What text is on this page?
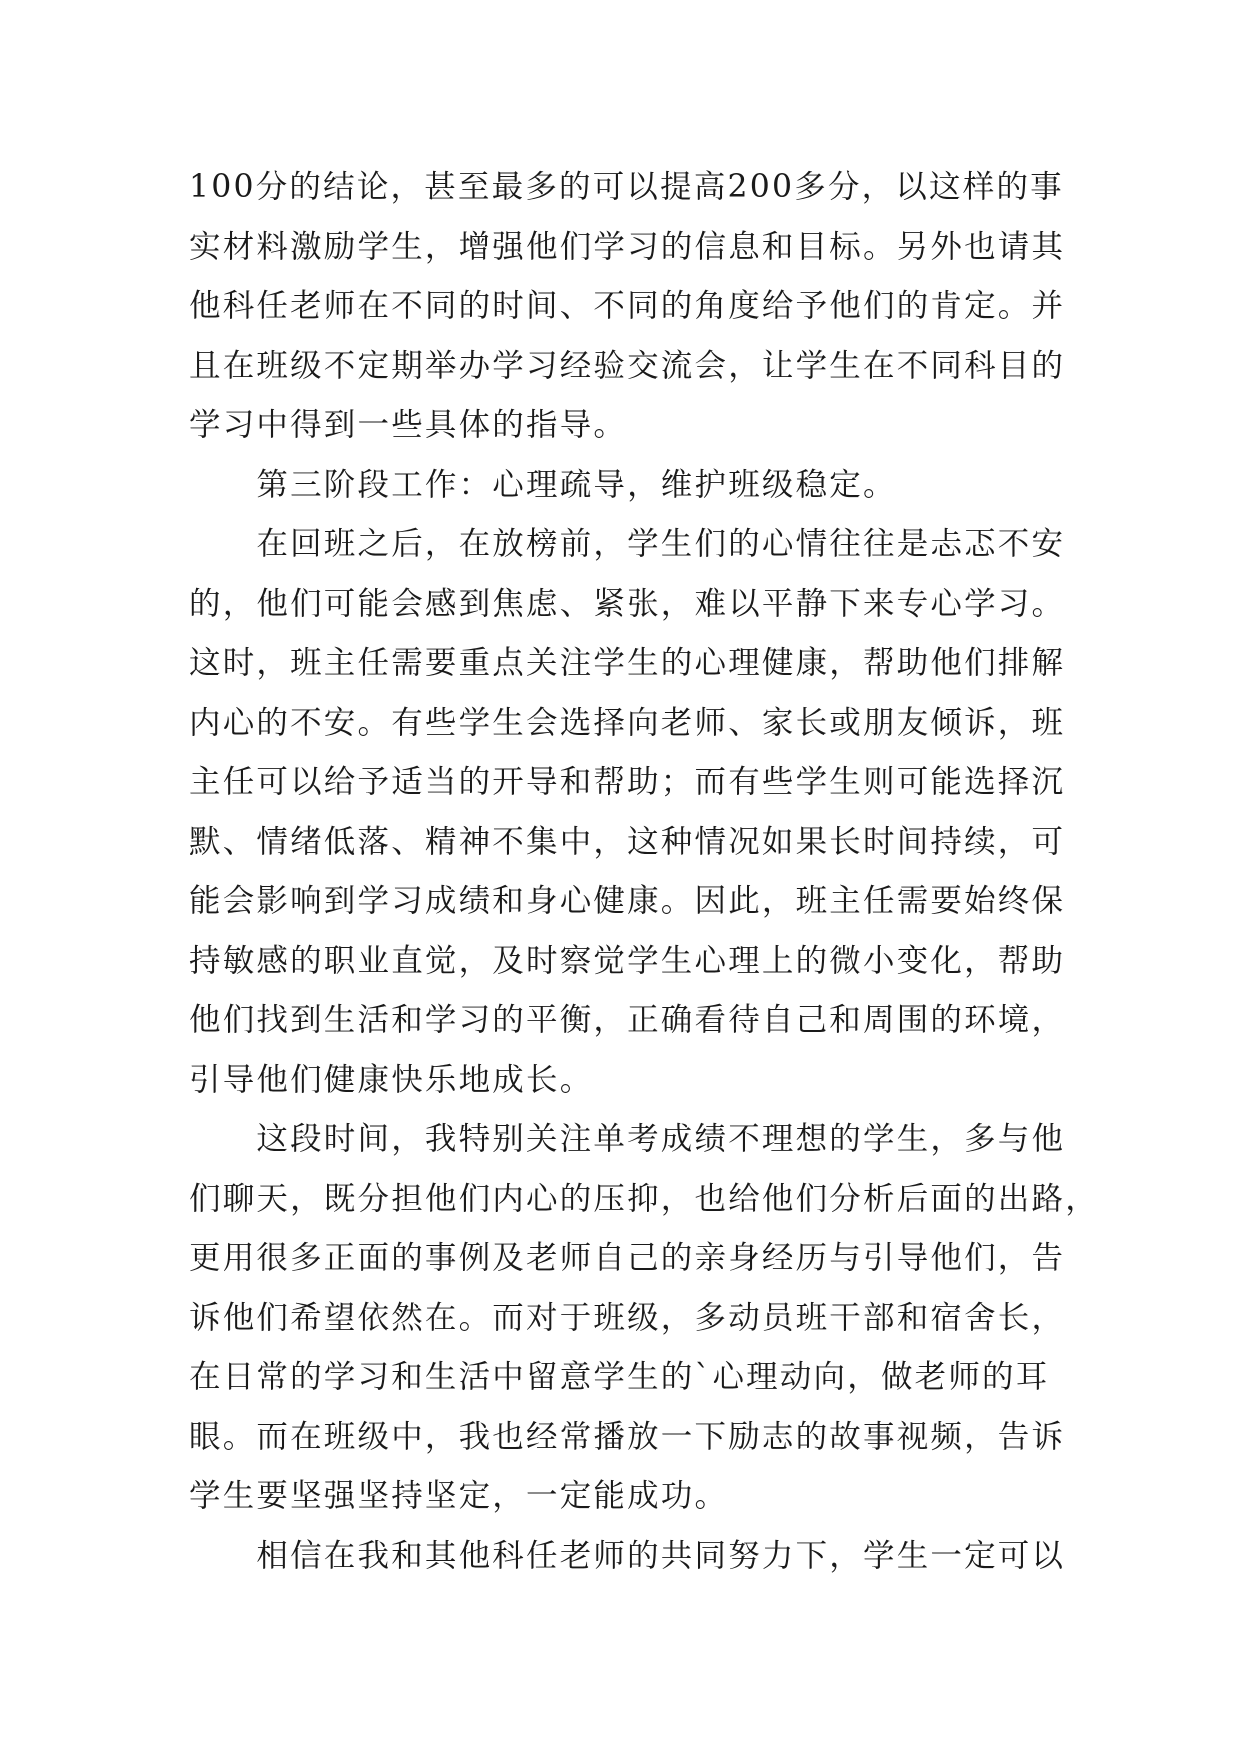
100分的结论，甚至最多的可以提高200多分，以这样的事
实材料激励学生，增强他们学习的信息和目标。另外也请其
他科任老师在不同的时间、不同的角度给予他们的肯定。并
且在班级不定期举办学习经验交流会，让学生在不同科目的
学习中得到一些具体的指导。
　　第三阶段工作：心理疏导，维护班级稳定。
　　在回班之后，在放榜前，学生们的心情往往是忐忑不安
的，他们可能会感到焦虑、紧张，难以平静下来专心学习。
这时，班主任需要重点关注学生的心理健康，帮助他们排解
内心的不安。有些学生会选择向老师、家长或朋友倾诉，班
主任可以给予适当的开导和帮助；而有些学生则可能选择沉
默、情绪低落、精神不集中，这种情况如果长时间持续，可
能会影响到学习成绩和身心健康。因此，班主任需要始终保
持敏感的职业直觉，及时察觉学生心理上的微小变化，帮助
他们找到生活和学习的平衡，正确看待自己和周围的环境，
引导他们健康快乐地成长。
　　这段时间，我特别关注单考成绩不理想的学生，多与他
们聊天，既分担他们内心的压抑，也给他们分析后面的出路，
更用很多正面的事例及老师自己的亲身经历与引导他们，告
诉他们希望依然在。而对于班级，多动员班干部和宿舍长，
在日常的学习和生活中留意学生的`心理动向，做老师的耳
眼。而在班级中，我也经常播放一下励志的故事视频，告诉
学生要坚强坚持坚定，一定能成功。
　　相信在我和其他科任老师的共同努力下，学生一定可以
